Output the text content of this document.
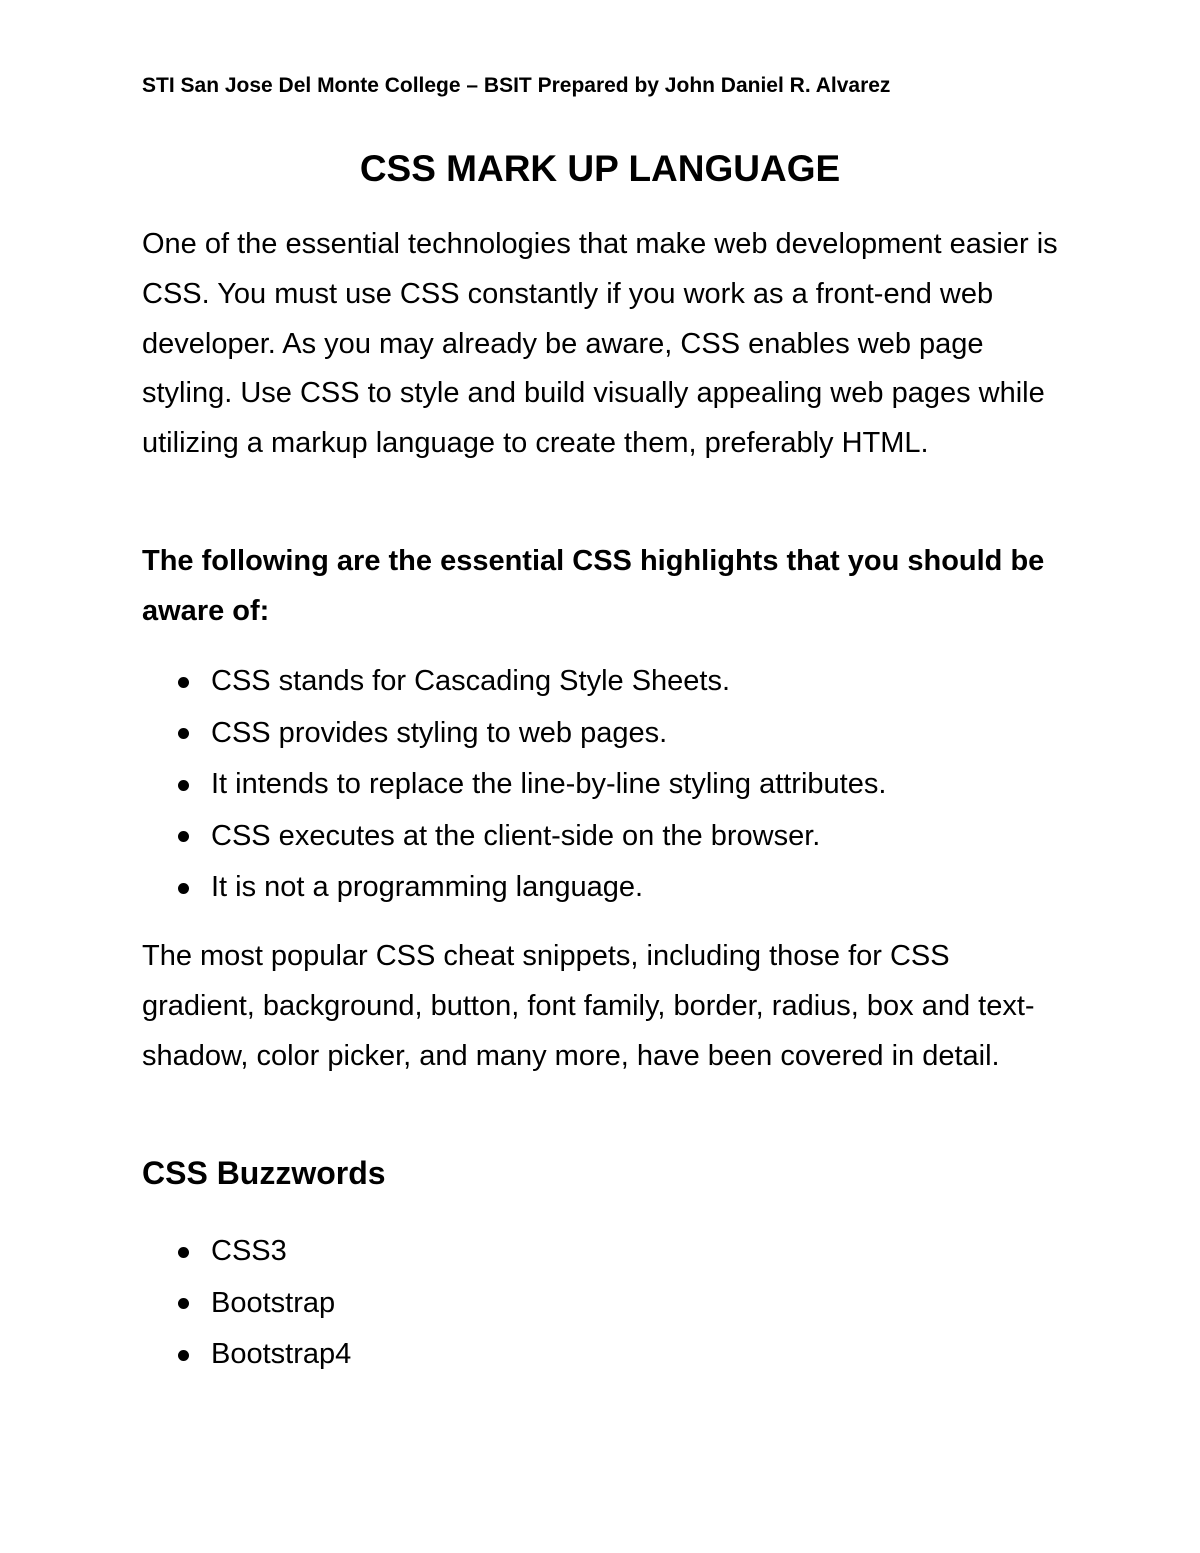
STI San Jose Del Monte College – BSIT Prepared by John Daniel R. Alvarez
CSS MARK UP LANGUAGE

One of the essential technologies that make web development easier is CSS. You must use CSS constantly if you work as a front-end web developer. As you may already be aware, CSS enables web page styling. Use CSS to style and build visually appealing web pages while utilizing a markup language to create them, preferably HTML.

The following are the essential CSS highlights that you should be aware of:

CSS stands for Cascading Style Sheets.
CSS provides styling to web pages.
It intends to replace the line-by-line styling attributes.
CSS executes at the client-side on the browser.
It is not a programming language.

The most popular CSS cheat snippets, including those for CSS gradient, background, button, font family, border, radius, box and text-shadow, color picker, and many more, have been covered in detail.

CSS Buzzwords
CSS3
Bootstrap
Bootstrap4
